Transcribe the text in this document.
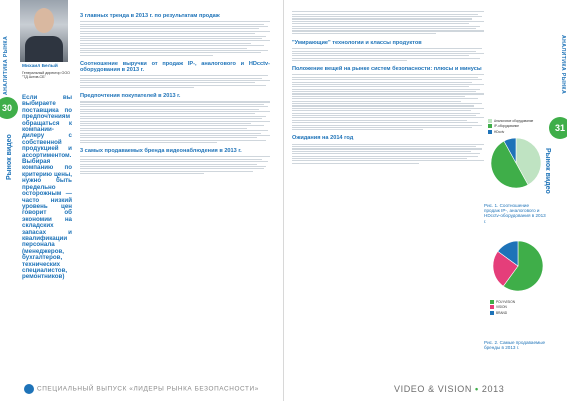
АНАЛИТИКА РЫНКА
30
Рынок видео
Михаил Белый
Генеральный директор ООО "ТД Актив-СБ"
Если вы выбираете поставщика по предпочтениям обращаться к компании-дилеру с собственной продукцией и ассортиментом. Выбирая компанию по критерию цены, нужно быть предельно осторожным — часто низкий уровень цен говорит об экономии на складских запасах и квалификации персонала (менеджеров, бухгалтеров, технических специалистов, ремонтников)
3 главных тренда в 2013 г. по результатам продаж
Соотношение выручки от продаж IP-, аналогового и HDcctv-оборудования в 2013 г.
Предпочтения покупателей в 2013 г.
3 самых продаваемых бренда видеонаблюдения в 2013 г.
СПЕЦИАЛЬНЫЙ ВЫПУСК «ЛИДЕРЫ РЫНКА БЕЗОПАСНОСТИ»
АНАЛИТИКА РЫНКА
31
Рынок видео
"Умирающие" технологии и классы продуктов
Положение вещей на рынке систем безопасности: плюсы и минусы
Ожидания на 2014 год
Аналоговое оборудование
IP-оборудование
HDcctv
Рис. 1. Соотношение продаж IP-, аналогового и HDcctv-оборудования в 2013 г.
POLYVISION
VISION
BRAND
Рис. 2. Самые продаваемые бренды в 2013 г.
VIDEO & VISION • 2013
